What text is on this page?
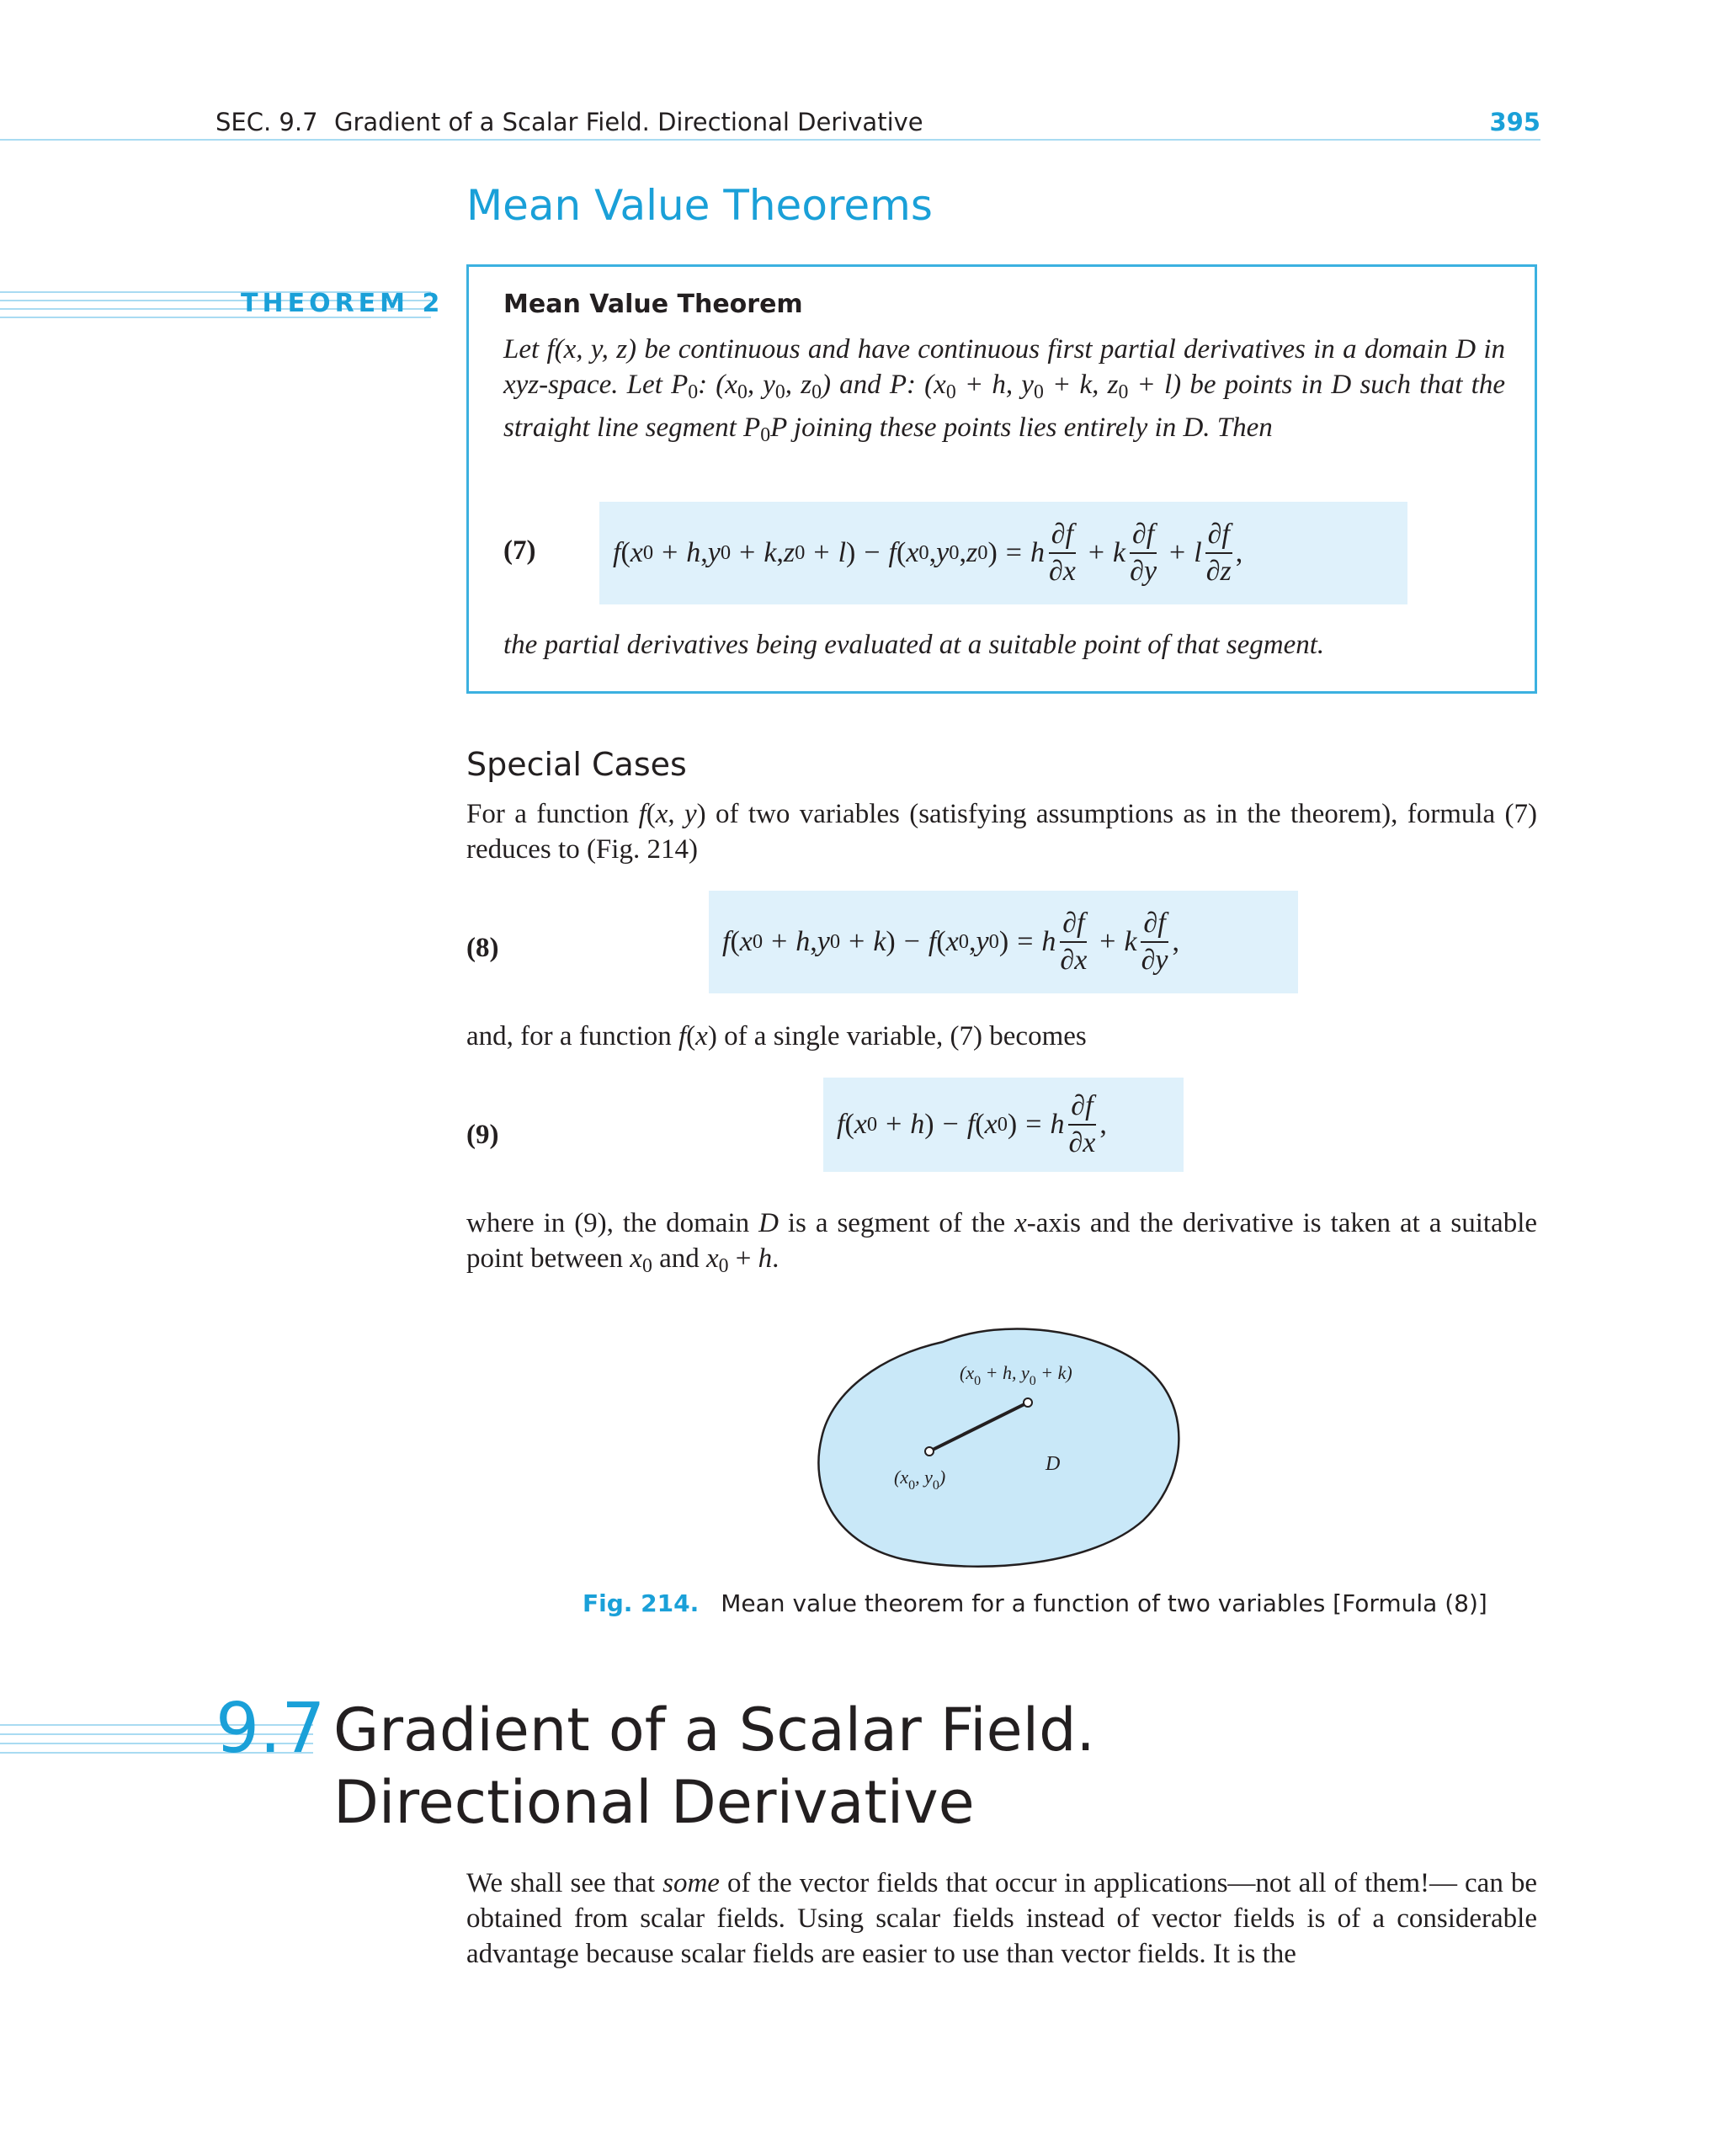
SEC. 9.7 Gradient of a Scalar Field. Directional Derivative	395
Mean Value Theorems
THEOREM 2 Mean Value Theorem
Let f(x, y, z) be continuous and have continuous first partial derivatives in a domain D in xyz-space. Let $P_0$: ($x_0$, $y_0$, $z_0$) and P: ($x_0 + h$, $y_0 + k$, $z_0 + l$) be points in D such that the straight line segment $P_0P$ joining these points lies entirely in D. Then
(7)	f ( x 0 + h , y 0 + k , z 0 + l ) − f ( x 0 , y 0 , z 0 ) = h $\frac{\partial f}{\partial x} + k \frac{\partial f}{\partial y} + l \frac{\partial f}{\partial z}$ ,
the partial derivatives being evaluated at a suitable point of that segment.
Special Cases
For a function f(x, y) of two variables (satisfying assumptions as in the theorem), formula (7) reduces to (Fig. 214)
(8)	f ( x 0 + h , y 0 + k ) − f ( x 0 , y 0 ) = h $\frac{\partial f}{\partial x} + k \frac{\partial f}{\partial y}$ ,
and, for a function f(x) of a single variable, (7) becomes
(9)	f ( x 0 + h ) − f ( x 0 ) = h $\frac{\partial f}{\partial x}$ ,
where in (9), the domain D is a segment of the x-axis and the derivative is taken at a suitable point between $x_0$ and $x_0 + h$.
($x_0 + h$, $y_0 + k$)
($x_0$, $y_0$)
D
Fig. 214. Mean value theorem for a function of two variables [Formula (8)]
9.7 Gradient of a Scalar Field.
Directional Derivative
We shall see that some of the vector fields that occur in applications—not all of them!— can be obtained from scalar fields. Using scalar fields instead of vector fields is of a considerable advantage because scalar fields are easier to use than vector fields. It is the
